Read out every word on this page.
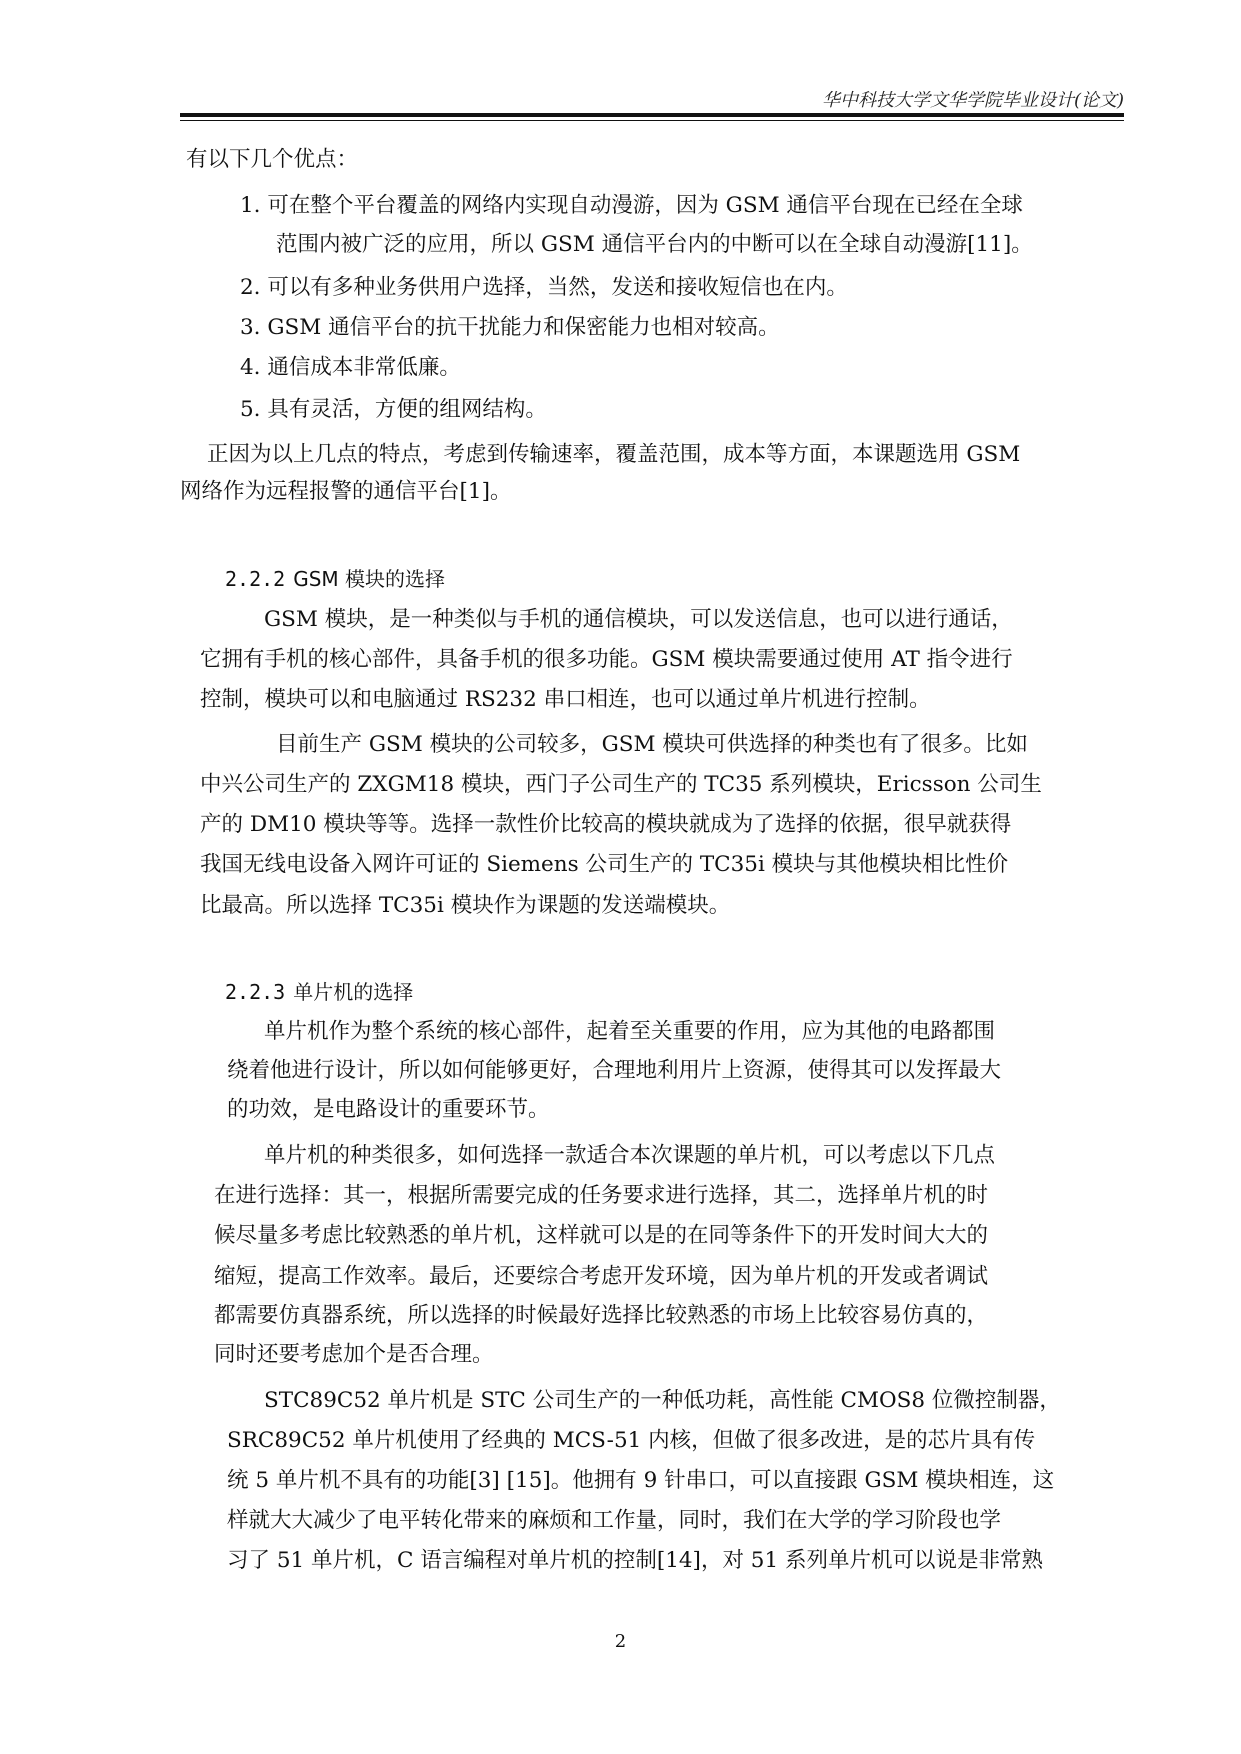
华中科技大学文华学院毕业设计(论文)
有以下几个优点：
1. 可在整个平台覆盖的网络内实现自动漫游，因为 GSM 通信平台现在已经在全球
范围内被广泛的应用，所以 GSM 通信平台内的中断可以在全球自动漫游[11]。
2. 可以有多种业务供用户选择，当然，发送和接收短信也在内。
3. GSM 通信平台的抗干扰能力和保密能力也相对较高。
4. 通信成本非常低廉。
5. 具有灵活，方便的组网结构。
正因为以上几点的特点，考虑到传输速率，覆盖范围，成本等方面，本课题选用 GSM
网络作为远程报警的通信平台[1]。
2.2.2 GSM 模块的选择
GSM 模块，是一种类似与手机的通信模块，可以发送信息，也可以进行通话，
它拥有手机的核心部件，具备手机的很多功能。GSM 模块需要通过使用 AT 指令进行
控制，模块可以和电脑通过 RS232 串口相连，也可以通过单片机进行控制。
目前生产 GSM 模块的公司较多，GSM 模块可供选择的种类也有了很多。比如
中兴公司生产的 ZXGM18 模块，西门子公司生产的 TC35 系列模块，Ericsson 公司生
产的 DM10 模块等等。选择一款性价比较高的模块就成为了选择的依据，很早就获得
我国无线电设备入网许可证的 Siemens 公司生产的 TC35i 模块与其他模块相比性价
比最高。所以选择 TC35i 模块作为课题的发送端模块。
2.2.3 单片机的选择
单片机作为整个系统的核心部件，起着至关重要的作用，应为其他的电路都围
绕着他进行设计，所以如何能够更好，合理地利用片上资源，使得其可以发挥最大
的功效，是电路设计的重要环节。
单片机的种类很多，如何选择一款适合本次课题的单片机，可以考虑以下几点
在进行选择：其一，根据所需要完成的任务要求进行选择，其二，选择单片机的时
候尽量多考虑比较熟悉的单片机，这样就可以是的在同等条件下的开发时间大大的
缩短，提高工作效率。最后，还要综合考虑开发环境，因为单片机的开发或者调试
都需要仿真器系统，所以选择的时候最好选择比较熟悉的市场上比较容易仿真的，
同时还要考虑加个是否合理。
STC89C52 单片机是 STC 公司生产的一种低功耗，高性能 CMOS8 位微控制器，
SRC89C52 单片机使用了经典的 MCS-51 内核，但做了很多改进，是的芯片具有传
统 5 单片机不具有的功能[3] [15]。他拥有 9 针串口，可以直接跟 GSM 模块相连，这
样就大大减少了电平转化带来的麻烦和工作量，同时，我们在大学的学习阶段也学
习了 51 单片机，C 语言编程对单片机的控制[14]，对 51 系列单片机可以说是非常熟
2
